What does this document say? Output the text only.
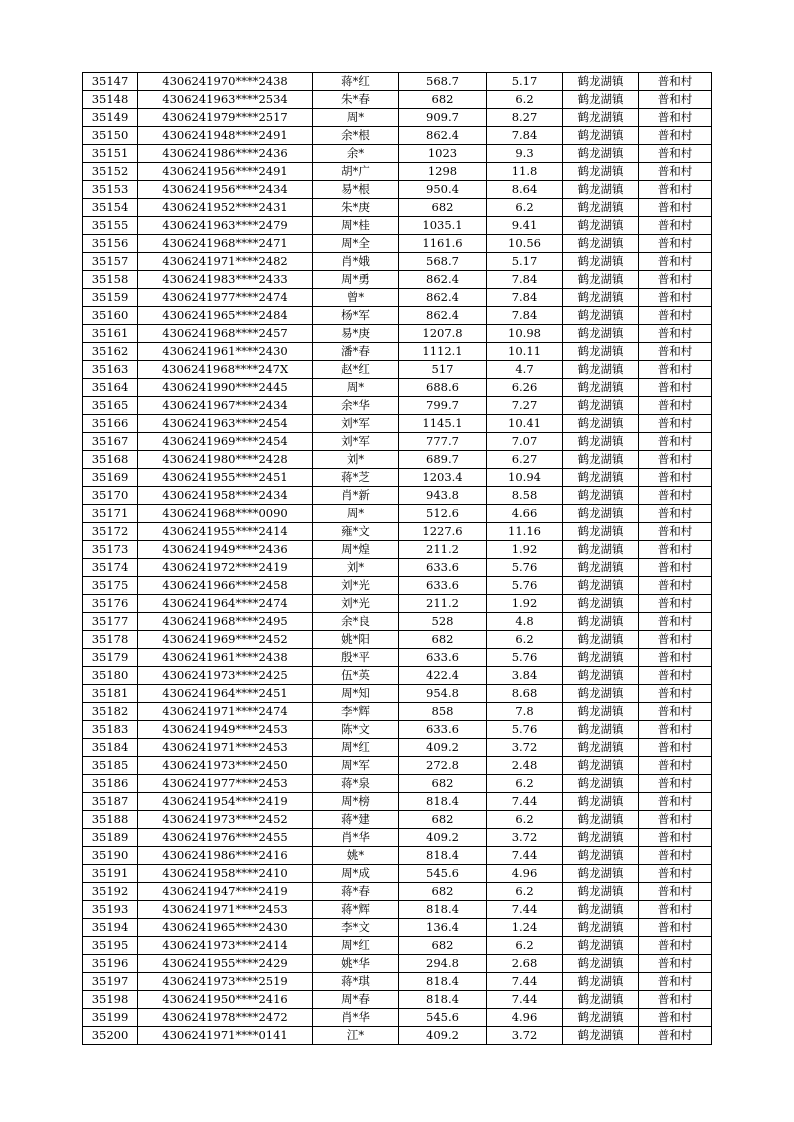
35147	4306241970****2438	蒋*红	568.7	5.17	鹤龙湖镇	普和村
35148	4306241963****2534	朱*春	682	6.2	鹤龙湖镇	普和村
35149	4306241979****2517	周*	909.7	8.27	鹤龙湖镇	普和村
35150	4306241948****2491	余*根	862.4	7.84	鹤龙湖镇	普和村
35151	4306241986****2436	余*	1023	9.3	鹤龙湖镇	普和村
35152	4306241956****2491	胡*广	1298	11.8	鹤龙湖镇	普和村
35153	4306241956****2434	易*根	950.4	8.64	鹤龙湖镇	普和村
35154	4306241952****2431	朱*庚	682	6.2	鹤龙湖镇	普和村
35155	4306241963****2479	周*桂	1035.1	9.41	鹤龙湖镇	普和村
35156	4306241968****2471	周*全	1161.6	10.56	鹤龙湖镇	普和村
35157	4306241971****2482	肖*娥	568.7	5.17	鹤龙湖镇	普和村
35158	4306241983****2433	周*勇	862.4	7.84	鹤龙湖镇	普和村
35159	4306241977****2474	曾*	862.4	7.84	鹤龙湖镇	普和村
35160	4306241965****2484	杨*军	862.4	7.84	鹤龙湖镇	普和村
35161	4306241968****2457	易*庚	1207.8	10.98	鹤龙湖镇	普和村
35162	4306241961****2430	潘*春	1112.1	10.11	鹤龙湖镇	普和村
35163	4306241968****247X	赵*红	517	4.7	鹤龙湖镇	普和村
35164	4306241990****2445	周*	688.6	6.26	鹤龙湖镇	普和村
35165	4306241967****2434	余*华	799.7	7.27	鹤龙湖镇	普和村
35166	4306241963****2454	刘*军	1145.1	10.41	鹤龙湖镇	普和村
35167	4306241969****2454	刘*军	777.7	7.07	鹤龙湖镇	普和村
35168	4306241980****2428	刘*	689.7	6.27	鹤龙湖镇	普和村
35169	4306241955****2451	蒋*芝	1203.4	10.94	鹤龙湖镇	普和村
35170	4306241958****2434	肖*新	943.8	8.58	鹤龙湖镇	普和村
35171	4306241968****0090	周*	512.6	4.66	鹤龙湖镇	普和村
35172	4306241955****2414	雍*文	1227.6	11.16	鹤龙湖镇	普和村
35173	4306241949****2436	周*煌	211.2	1.92	鹤龙湖镇	普和村
35174	4306241972****2419	刘*	633.6	5.76	鹤龙湖镇	普和村
35175	4306241966****2458	刘*光	633.6	5.76	鹤龙湖镇	普和村
35176	4306241964****2474	刘*光	211.2	1.92	鹤龙湖镇	普和村
35177	4306241968****2495	余*良	528	4.8	鹤龙湖镇	普和村
35178	4306241969****2452	姚*阳	682	6.2	鹤龙湖镇	普和村
35179	4306241961****2438	殷*平	633.6	5.76	鹤龙湖镇	普和村
35180	4306241973****2425	伍*英	422.4	3.84	鹤龙湖镇	普和村
35181	4306241964****2451	周*知	954.8	8.68	鹤龙湖镇	普和村
35182	4306241971****2474	李*辉	858	7.8	鹤龙湖镇	普和村
35183	4306241949****2453	陈*文	633.6	5.76	鹤龙湖镇	普和村
35184	4306241971****2453	周*红	409.2	3.72	鹤龙湖镇	普和村
35185	4306241973****2450	周*军	272.8	2.48	鹤龙湖镇	普和村
35186	4306241977****2453	蒋*泉	682	6.2	鹤龙湖镇	普和村
35187	4306241954****2419	周*榜	818.4	7.44	鹤龙湖镇	普和村
35188	4306241973****2452	蒋*建	682	6.2	鹤龙湖镇	普和村
35189	4306241976****2455	肖*华	409.2	3.72	鹤龙湖镇	普和村
35190	4306241986****2416	姚*	818.4	7.44	鹤龙湖镇	普和村
35191	4306241958****2410	周*成	545.6	4.96	鹤龙湖镇	普和村
35192	4306241947****2419	蒋*春	682	6.2	鹤龙湖镇	普和村
35193	4306241971****2453	蒋*辉	818.4	7.44	鹤龙湖镇	普和村
35194	4306241965****2430	李*文	136.4	1.24	鹤龙湖镇	普和村
35195	4306241973****2414	周*红	682	6.2	鹤龙湖镇	普和村
35196	4306241955****2429	姚*华	294.8	2.68	鹤龙湖镇	普和村
35197	4306241973****2519	蒋*琪	818.4	7.44	鹤龙湖镇	普和村
35198	4306241950****2416	周*春	818.4	7.44	鹤龙湖镇	普和村
35199	4306241978****2472	肖*华	545.6	4.96	鹤龙湖镇	普和村
35200	4306241971****0141	江*	409.2	3.72	鹤龙湖镇	普和村
